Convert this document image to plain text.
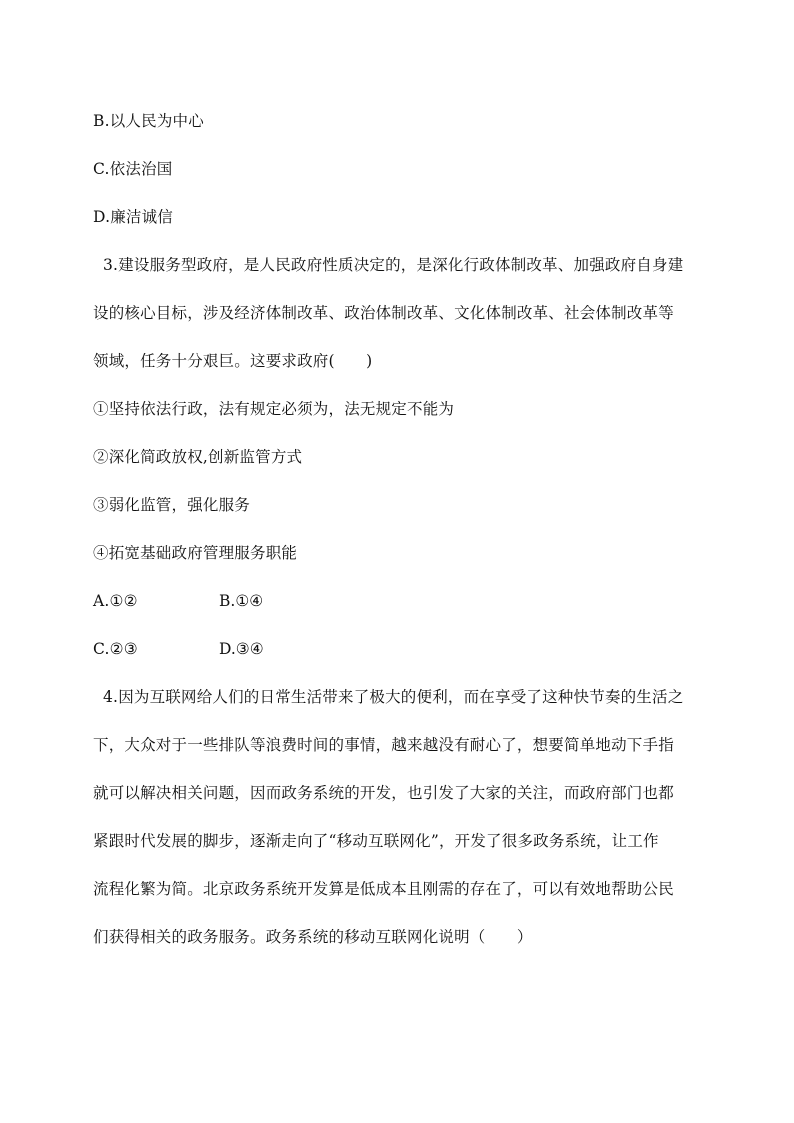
B.以人民为中心
C.依法治国
D.廉洁诚信
3.建设服务型政府，是人民政府性质决定的，是深化行政体制改革、加强政府自身建
设的核心目标，涉及经济体制改革、政治体制改革、文化体制改革、社会体制改革等
领域，任务十分艰巨。这要求政府(　　)
①坚持依法行政，法有规定必须为，法无规定不能为
②深化简政放权,创新监管方式
③弱化监管，强化服务
④拓宽基础政府管理服务职能
A.①②	B.①④
C.②③	D.③④
4.因为互联网给人们的日常生活带来了极大的便利，而在享受了这种快节奏的生活之
下，大众对于一些排队等浪费时间的事情，越来越没有耐心了，想要简单地动下手指
就可以解决相关问题，因而政务系统的开发，也引发了大家的关注，而政府部门也都
紧跟时代发展的脚步，逐渐走向了“移动互联网化”，开发了很多政务系统，让工作
流程化繁为简。北京政务系统开发算是低成本且刚需的存在了，可以有效地帮助公民
们获得相关的政务服务。政务系统的移动互联网化说明（　　）
